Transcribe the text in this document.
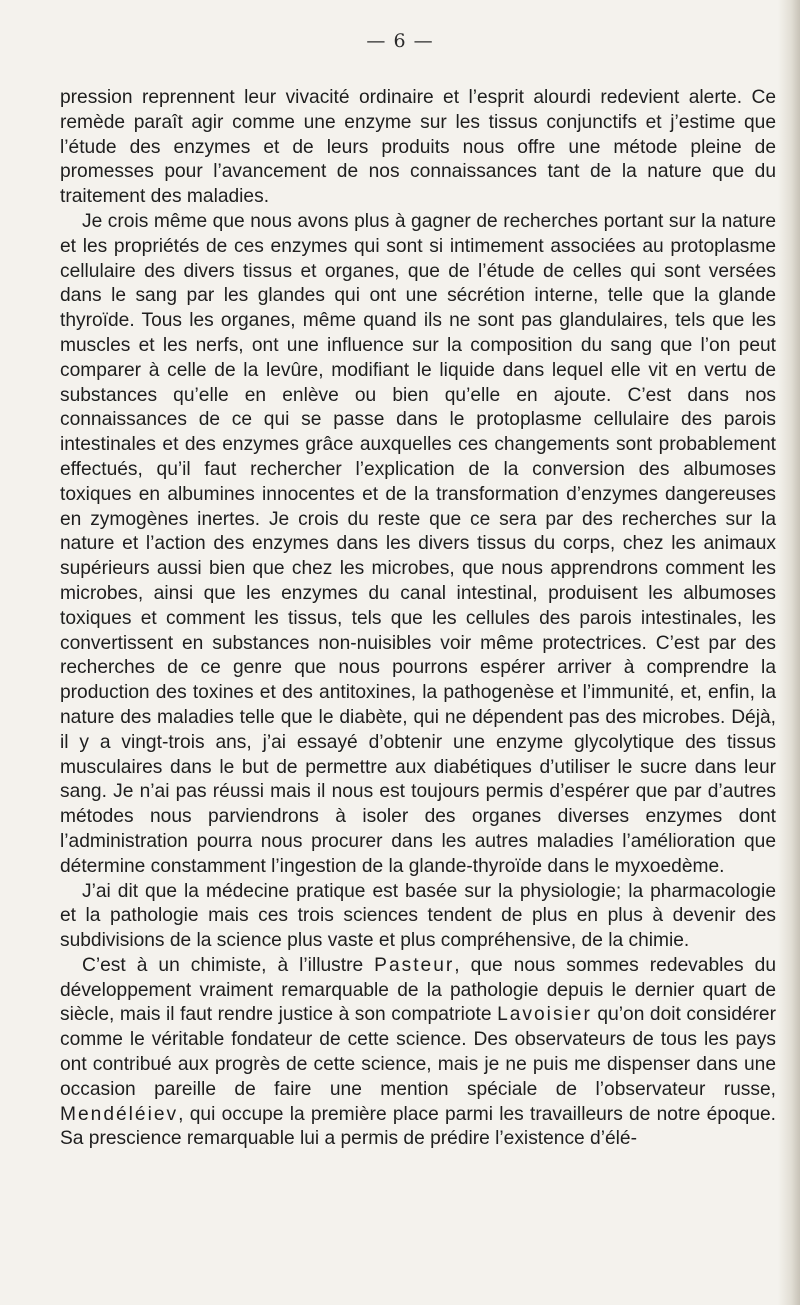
— 6 —

pression reprennent leur vivacité ordinaire et l’esprit alourdi redevient alerte. Ce remède paraît agir comme une enzyme sur les tissus conjunctifs et j’estime que l’étude des enzymes et de leurs produits nous offre une métode pleine de promesses pour l’avancement de nos connaissances tant de la nature que du traitement des maladies.

Je crois même que nous avons plus à gagner de recherches portant sur la nature et les propriétés de ces enzymes qui sont si intimement associées au protoplasme cellulaire des divers tissus et organes, que de l’étude de celles qui sont versées dans le sang par les glandes qui ont une sécrétion interne, telle que la glande thyroïde. Tous les organes, même quand ils ne sont pas glandulaires, tels que les muscles et les nerfs, ont une influence sur la composition du sang que l’on peut comparer à celle de la levûre, modifiant le liquide dans lequel elle vit en vertu de substances qu’elle en enlève ou bien qu’elle en ajoute. C’est dans nos connaissances de ce qui se passe dans le protoplasme cellulaire des parois intestinales et des enzymes grâce auxquelles ces changements sont probablement effectués, qu’il faut rechercher l’explication de la conversion des albumoses toxiques en albumines innocentes et de la transformation d’enzymes dangereuses en zymogènes inertes. Je crois du reste que ce sera par des recherches sur la nature et l’action des enzymes dans les divers tissus du corps, chez les animaux supérieurs aussi bien que chez les microbes, que nous apprendrons comment les microbes, ainsi que les enzymes du canal intestinal, produisent les albumoses toxiques et comment les tissus, tels que les cellules des parois intestinales, les convertissent en substances non-nuisibles voir même protectrices. C’est par des recherches de ce genre que nous pourrons espérer arriver à comprendre la production des toxines et des antitoxines, la pathogenèse et l’immunité, et, enfin, la nature des maladies telle que le diabète, qui ne dépendent pas des microbes. Déjà, il y a vingt-trois ans, j’ai essayé d’obtenir une enzyme glycolytique des tissus musculaires dans le but de permettre aux diabétiques d’utiliser le sucre dans leur sang. Je n’ai pas réussi mais il nous est toujours permis d’espérer que par d’autres métodes nous parviendrons à isoler des organes diverses enzymes dont l’administration pourra nous procurer dans les autres maladies l’amélioration que détermine constamment l’ingestion de la glande-thyroïde dans le myxoedème.

J’ai dit que la médecine pratique est basée sur la physiologie; la pharmacologie et la pathologie mais ces trois sciences tendent de plus en plus à devenir des subdivisions de la science plus vaste et plus compréhensive, de la chimie.

C’est à un chimiste, à l’illustre Pasteur, que nous sommes redevables du développement vraiment remarquable de la pathologie depuis le dernier quart de siècle, mais il faut rendre justice à son compatriote Lavoisier qu’on doit considérer comme le véritable fondateur de cette science. Des observateurs de tous les pays ont contribué aux progrès de cette science, mais je ne puis me dispenser dans une occasion pareille de faire une mention spéciale de l’observateur russe, Mendéléiev, qui occupe la première place parmi les travailleurs de notre époque. Sa prescience remarquable lui a permis de prédire l’existence d’élé-
